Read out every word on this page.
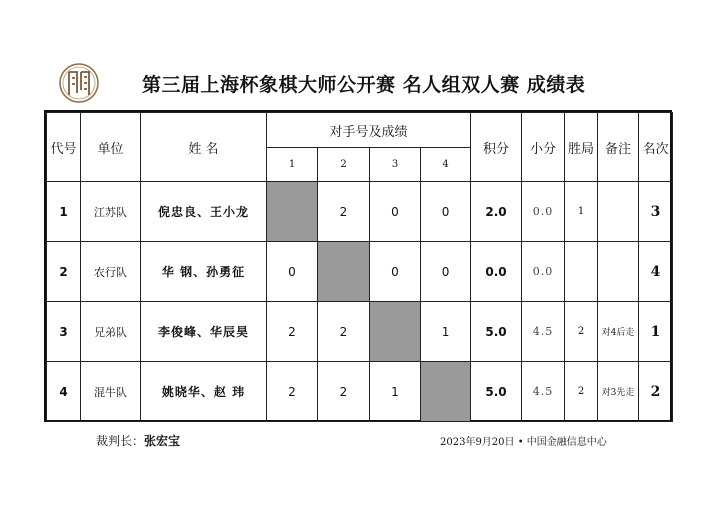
第三届上海杯象棋大师公开赛 名人组双人赛 成绩表
代号	单位	姓 名	对手号及成绩				积分	小分	胜局	备注	名次
			1	2	3	4					
1	江苏队	倪忠良、王小龙		2	0	0	2.0	0.0	1		3
2	农行队	华 钢、孙勇征	0		0	0	0.0	0.0			4
3	兄弟队	李俊峰、华辰昊	2	2		1	5.0	4.5	2	对4后走	1
4	混牛队	姚晓华、赵 玮	2	2	1		5.0	4.5	2	对3先走	2
裁判长：张宏宝	2023年9月20日 • 中国金融信息中心
